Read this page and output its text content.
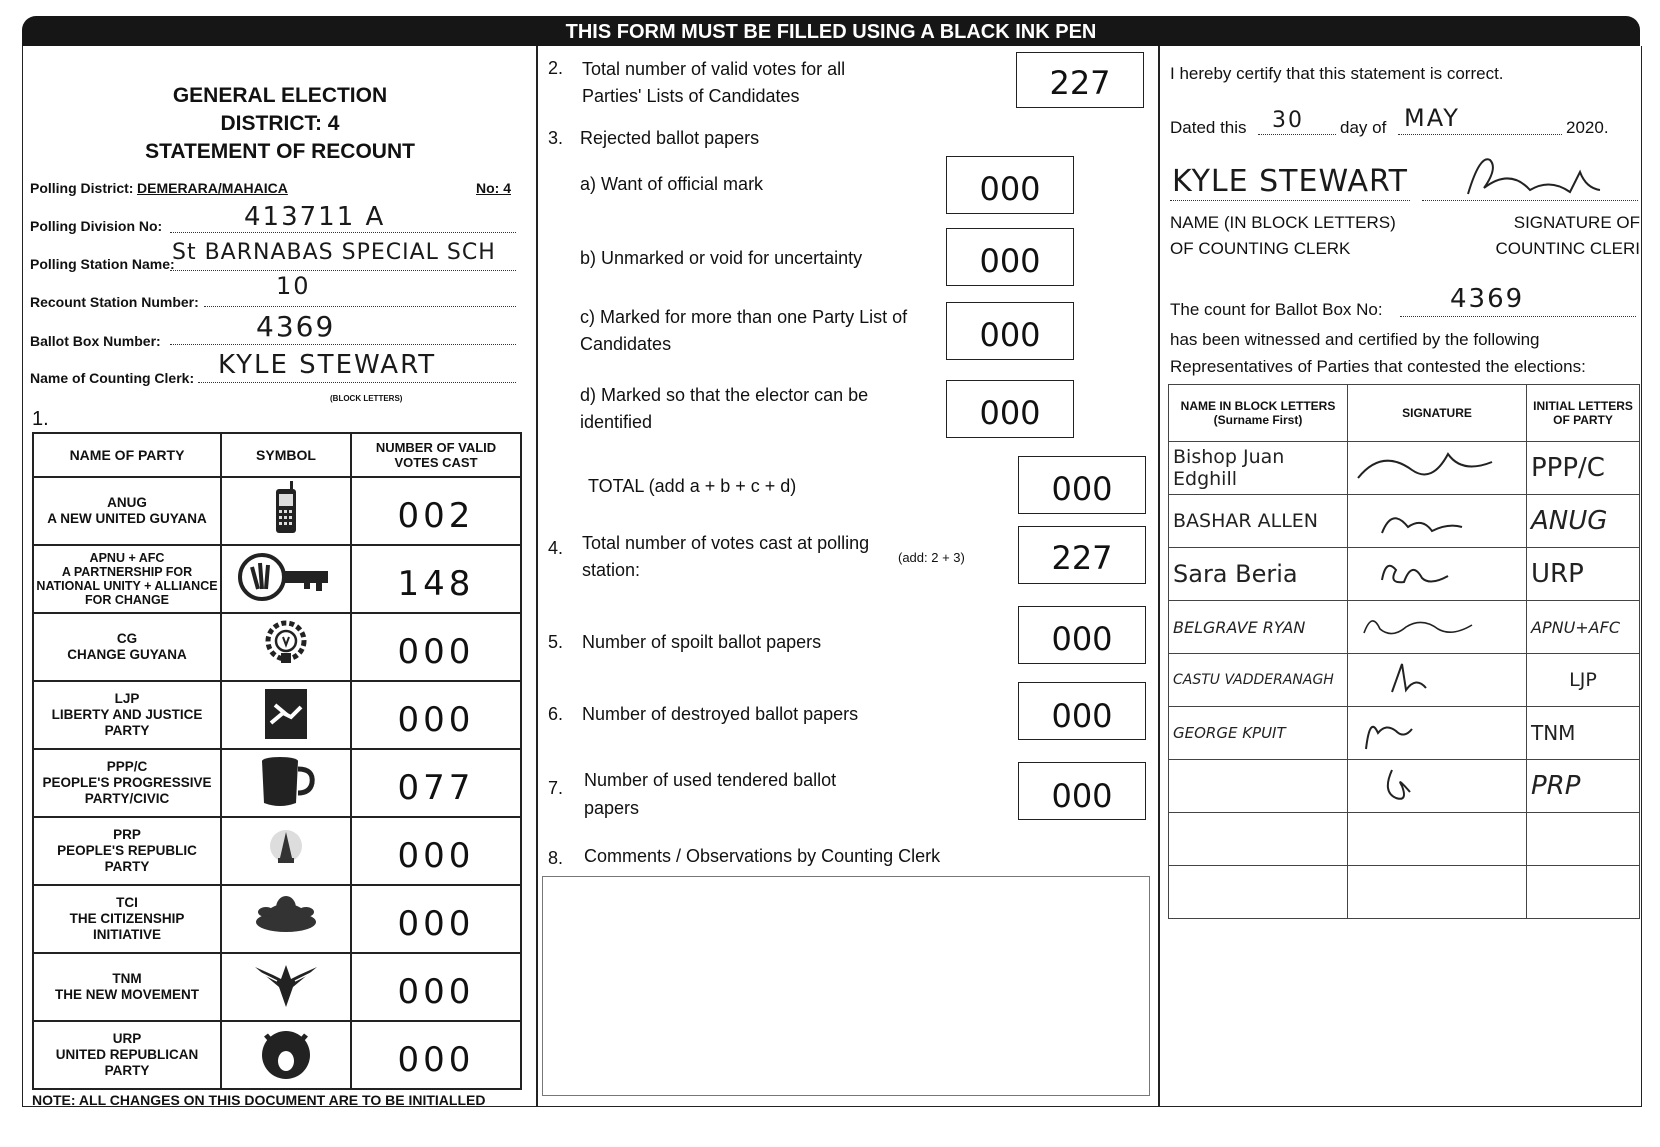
THIS FORM MUST BE FILLED USING A BLACK INK PEN
GENERAL ELECTION
DISTRICT: 4
STATEMENT OF RECOUNT
Polling District: DEMERARA/MAHAICA	No: 4
Polling Division No:	413711 A
Polling Station Name:
St BARNABAS SPECIAL SCH
Recount Station Number:
10
Ballot Box Number:	4369
Name of Counting Clerk: KYLE STEWART
(BLOCK LETTERS)
1.
NAME OF PARTY	SYMBOL	NUMBER OF VALID VOTES CAST
ANUG
A NEW UNITED GUYANA		002
APNU + AFC
A PARTNERSHIP FOR NATIONAL UNITY + ALLIANCE FOR CHANGE		148
CG
CHANGE GUYANA		000
LJP
LIBERTY AND JUSTICE PARTY		000
PPP/C
PEOPLE'S PROGRESSIVE PARTY/CIVIC		077
PRP
PEOPLE'S REPUBLIC PARTY		000
TCI
THE CITIZENSHIP INITIATIVE		000
TNM
THE NEW MOVEMENT		000
URP
UNITED REPUBLICAN PARTY		000
NOTE: ALL CHANGES ON THIS DOCUMENT ARE TO BE INITIALLED
2. Total number of valid votes for all Parties' Lists of Candidates	227
3. Rejected ballot papers
a) Want of official mark	000
b) Unmarked or void for uncertainty	000
c) Marked for more than one Party List of Candidates	000
d) Marked so that the elector can be identified	000
TOTAL (add a + b + c + d)	000
4. Total number of votes cast at polling station:
(add: 2 + 3)	227
5. Number of spoilt ballot papers	000
6. Number of destroyed ballot papers	000
7. Number of used tendered ballot papers	000
8. Comments / Observations by Counting Clerk
I hereby certify that this statement is correct.
Dated this 30 day of MAY	2020.
KYLE STEWART
NAME (IN BLOCK LETTERS) OF COUNTING CLERK
SIGNATURE OF COUNTINC CLERI
The count for Ballot Box No:	4369
has been witnessed and certified by the following Representatives of Parties that contested the elections:
NAME IN BLOCK LETTERS (Surname First)	SIGNATURE	INITIAL LETTERS OF PARTY
Bishop Juan Edghill		PPP/C
BASHAR ALLEN		ANUG
Sara Beria		URP
BELGRAVE RYAN		APNU+AFC
CASTU VADDERANAGH		LJP
GEORGE KPUIT		TNM
		PRP
